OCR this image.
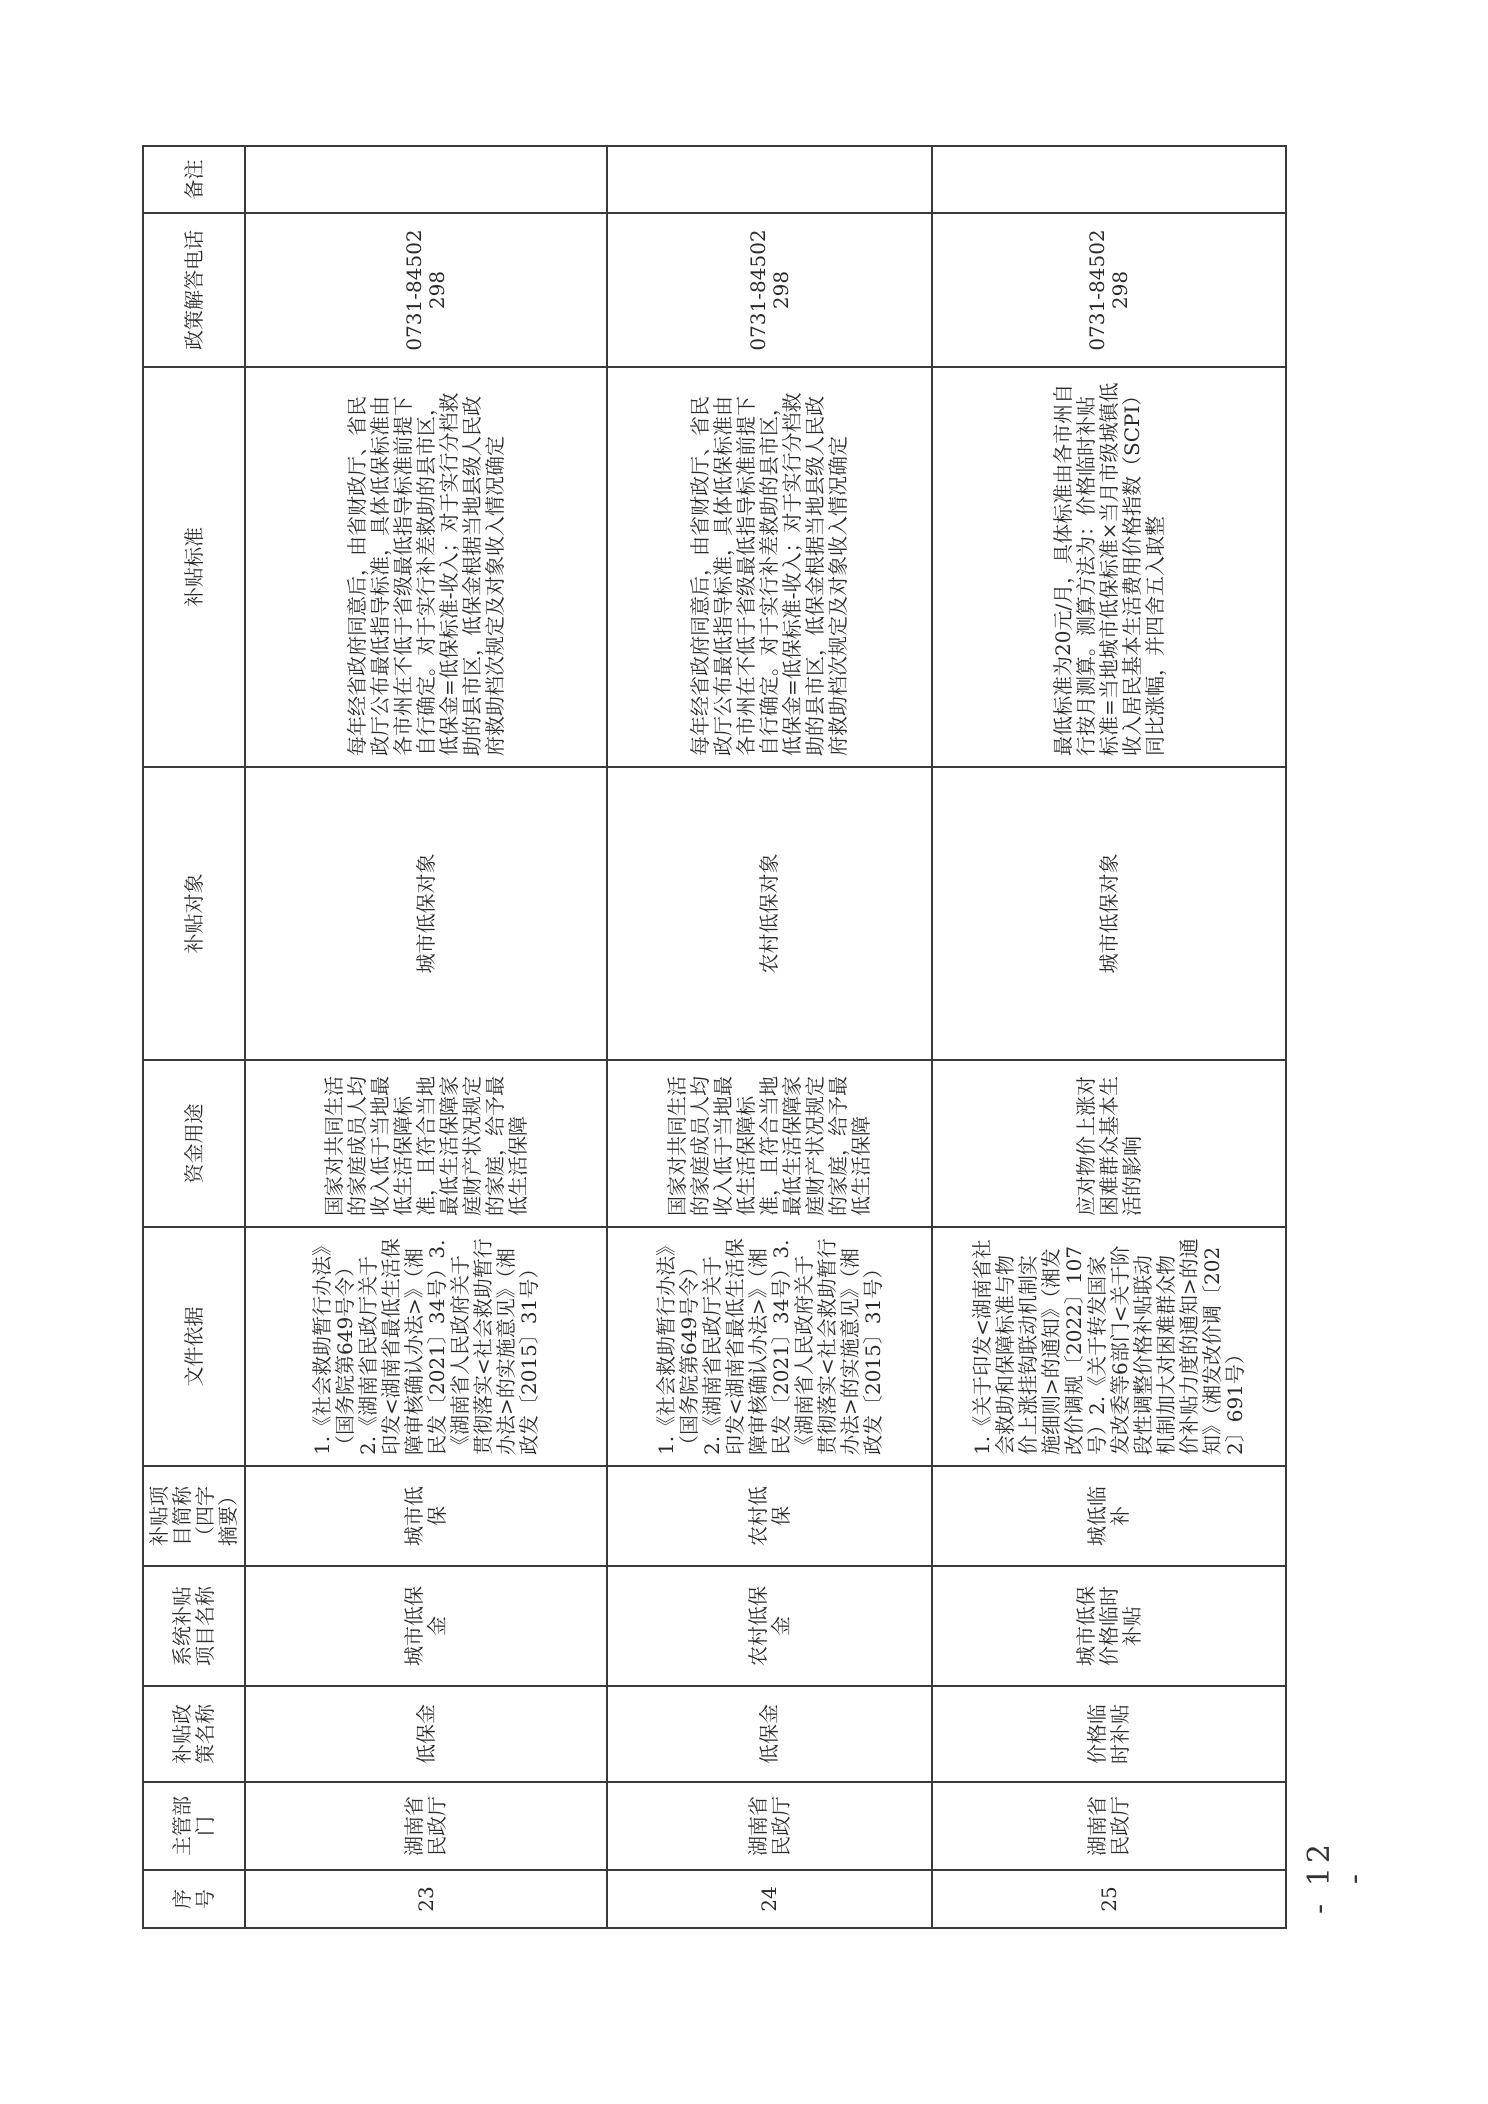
序号	主管部门	补贴政策名称	系统补贴项目名称	补贴项目简称（四字摘要）	文件依据	资金用途	补贴对象	补贴标准	政策解答电话	备注
23	湖南省民政厅	低保金	城市低保金	城市低保	1.《社会救助暂行办法》（国务院第649号令）2.《湖南省民政厅关于印发<湖南省最低生活保障审核确认办法>》（湘民发〔2021〕34号）3.《湖南省人民政府关于贯彻落实<社会救助暂行办法>的实施意见》（湘政发〔2015〕31号）	国家对共同生活的家庭成员人均收入低于当地最低生活保障标准，且符合当地最低生活保障家庭财产状况规定的家庭，给予最低生活保障	城市低保对象	每年经省政府同意后，由省财政厅、省民政厅公布最低指导标准，具体低保标准由各市州在不低于省级最低指导标准前提下自行确定。对于实行补差救助的县市区，低保金=低保标准-收入；对于实行分档救助的县市区，低保金根据当地县级人民政府救助档次规定及对象收入情况确定	0731-84502298	
24	湖南省民政厅	低保金	农村低保金	农村低保	1.《社会救助暂行办法》（国务院第649号令）2.《湖南省民政厅关于印发<湖南省最低生活保障审核确认办法>》（湘民发〔2021〕34号）3.《湖南省人民政府关于贯彻落实<社会救助暂行办法>的实施意见》（湘政发〔2015〕31号）	国家对共同生活的家庭成员人均收入低于当地最低生活保障标准，且符合当地最低生活保障家庭财产状况规定的家庭，给予最低生活保障	农村低保对象	每年经省政府同意后，由省财政厅、省民政厅公布最低指导标准，具体低保标准由各市州在不低于省级最低指导标准前提下自行确定。对于实行补差救助的县市区，低保金=低保标准-收入；对于实行分档救助的县市区，低保金根据当地县级人民政府救助档次规定及对象收入情况确定	0731-84502298	
25	湖南省民政厅	价格临时补贴	城市低保价格临时补贴	城低临补	1.《关于印发<湖南省社会救助和保障标准与物价上涨挂钩联动机制实施细则>的通知》（湘发改价调规〔2022〕107号）2.《关于转发国家发改委等6部门<关于阶段性调整价格补贴联动机制加大对困难群众物价补贴力度的通知>的通知》（湘发改价调〔2022〕691号）	应对物价上涨对困难群众基本生活的影响	城市低保对象	最低标准为20元/月，具体标准由各市州自行按月测算。测算方法为：价格临时补贴标准=当地城市低保标准×当月市级城镇低收入居民基本生活费用价格指数（SCPI）同比涨幅，并四舍五入取整	0731-84502298	
- 12 -
